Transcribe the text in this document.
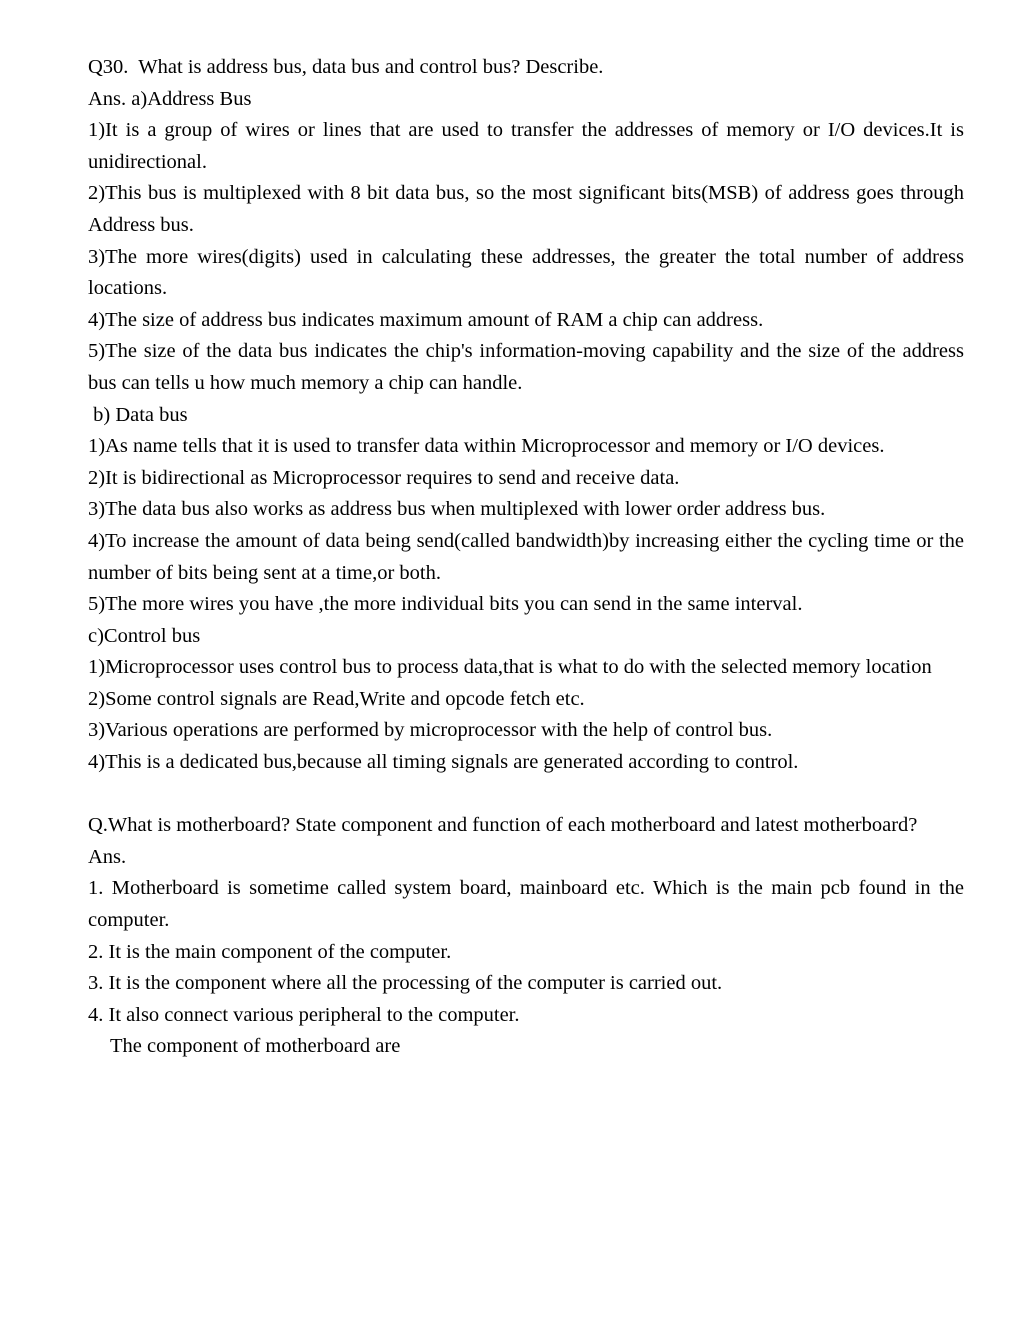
Q30.  What is address bus, data bus and control bus? Describe.

Ans. a)Address Bus

1)It is a group of wires or lines that are used to transfer the addresses of memory or I/O devices.It is unidirectional.

2)This bus is multiplexed with 8 bit data bus, so the most significant bits(MSB) of address goes through Address bus.

3)The more wires(digits) used in calculating these addresses, the greater the total number of address locations.

4)The size of address bus indicates maximum amount of RAM a chip can address.

5)The size of the data bus indicates the chip's information-moving capability and the size of the address bus can tells u how much memory a chip can handle.

b) Data bus

1)As name tells that it is used to transfer data within Microprocessor and memory or I/O devices.

2)It is bidirectional as Microprocessor requires to send and receive data.

3)The data bus also works as address bus when multiplexed with lower order address bus.

4)To increase the amount of data being send(called bandwidth)by increasing either the cycling time or the number of bits being sent at a time,or both.

5)The more wires you have ,the more individual bits you can send in the same interval.

c)Control bus

1)Microprocessor uses control bus to process data,that is what to do with the selected memory location

2)Some control signals are Read,Write and opcode fetch etc.

3)Various operations are performed by microprocessor with the help of control bus.

4)This is a dedicated bus,because all timing signals are generated according to control.

Q.What is motherboard? State component and function of each motherboard and latest motherboard?

Ans.

1. Motherboard is sometime called system board, mainboard etc. Which is the main pcb found in the computer.

2. It is the main component of the computer.

3. It is the component where all the processing of the computer is carried out.

4. It also connect various peripheral to the computer.

The component of motherboard are
